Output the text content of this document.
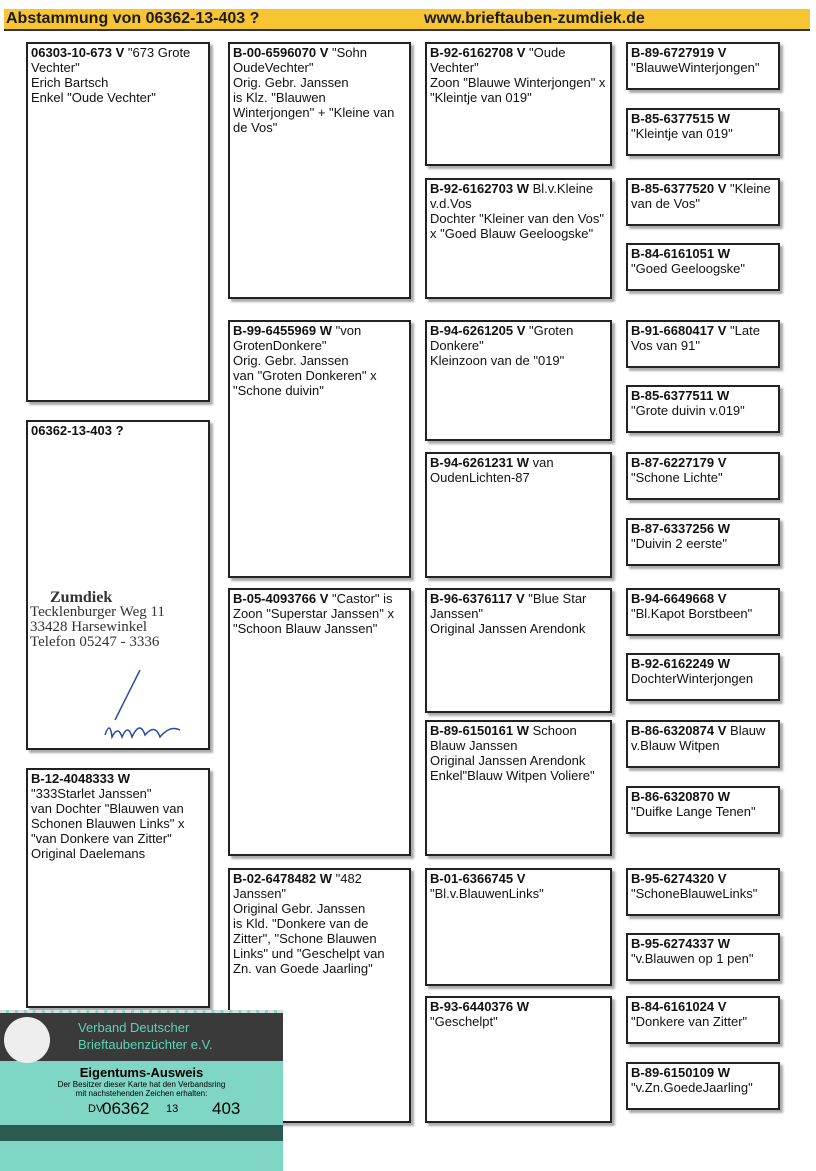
Abstammung von 06362-13-403 ?	www.brieftauben-zumdiek.de
06303-10-673 V "673 Grote Vechter"
Erich Bartsch
Enkel "Oude Vechter"
06362-13-403 ?
B-12-4048333 W
"333Starlet Janssen"
van Dochter "Blauwen van Schonen Blauwen Links" x "van Donkere van Zitter"
Original Daelemans
B-00-6596070 V "Sohn OudeVechter"
Orig. Gebr. Janssen
is Klz. "Blauwen Winterjongen" + "Kleine van de Vos"
B-99-6455969 W "von GrotenDonkere"
Orig. Gebr. Janssen
van "Groten Donkeren" x "Schone duivin"
B-05-4093766 V "Castor" is Zoon "Superstar Janssen" x "Schoon Blauw Janssen"
B-02-6478482 W "482 Janssen"
Original Gebr. Janssen
is Kld. "Donkere van de Zitter", "Schone Blauwen Links" und "Geschelpt van Zn. van Goede Jaarling"
B-92-6162708 V "Oude Vechter"
Zoon "Blauwe Winterjongen" x "Kleintje van 019"
B-92-6162703 W Bl.v.Kleine v.d.Vos
Dochter "Kleiner van den Vos" x "Goed Blauw Geeloogske"
B-94-6261205 V "Groten Donkere"
Kleinzoon van de "019"
B-94-6261231 W van OudenLichten-87
B-96-6376117 V "Blue Star Janssen"
Original Janssen Arendonk
B-89-6150161 W Schoon Blauw Janssen
Original Janssen Arendonk
Enkel"Blauw Witpen Voliere"
B-01-6366745 V
"Bl.v.BlauwenLinks"
B-93-6440376 W
"Geschelpt"
B-89-6727919 V
"BlauweWinterjongen"
B-85-6377515 W
"Kleintje van 019"
B-85-6377520 V "Kleine van de Vos"
B-84-6161051 W
"Goed Geeloogske"
B-91-6680417 V "Late Vos van 91"
B-85-6377511 W
"Grote duivin v.019"
B-87-6227179 V
"Schone Lichte"
B-87-6337256 W
"Duivin 2 eerste"
B-94-6649668 V
"Bl.Kapot Borstbeen"
B-92-6162249 W
DochterWinterjongen
B-86-6320874 V Blauw v.Blauw Witpen
B-86-6320870 W
"Duifke Lange Tenen"
B-95-6274320 V
"SchoneBlauweLinks"
B-95-6274337 W
"v.Blauwen op 1 pen"
B-84-6161024 V
"Donkere van Zitter"
B-89-6150109 W
"v.Zn.GoedeJaarling"
Zumdiek
Tecklenburger Weg 11
33428 Harsewinkel
Telefon 05247 - 3336
Verband Deutscher
Brieftaubenzüchter e.V.
Eigentums-Ausweis
Der Besitzer dieser Karte hat den Verbandsring
mit nachstehenden Zeichen erhalten:
DV
06362 13 403
